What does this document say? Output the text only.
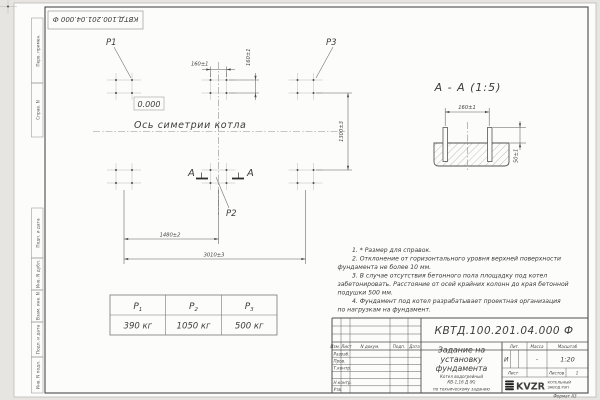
Перв. примен.
Справ. N
Подп. и дата
Инв. N дубл.
Взам. инв. N
Подп. и дата
Инв. N подл.
КВТД.100.201.04.000 Ф
Р1	Р3
Р2
0.000
Ось симетрии котла
А	А
160±1	160±1
1300±3
1480±2
3010±3
А - А (1:5)
160±1
50±1
1. * Размер для справок.
2. Отклонение от горизонтального уровня верхней поверхности
фундамента не более 10 мм.
3. В случае отсутствия бетонного пола площадку под котел
забетонировать. Расстояние от осей крайних колонн до края бетонной
подушки 500 мм.
4. Фундамент под котел разрабатывает проектная организация
по нагрузкам на фундамент.
$Р_1$	$Р_2$	$Р_3$
390 кг	1050 кг	500 кг	КВТД.100.201.04.000 Ф
Изм. Лист N докум.	Подп. Дата
Разраб.
Пров.
Т.контр.
Н.контр.
Утв.
Задание на
установку
фундамента
Котел водогрейный
КВ-1,16 Д (К)
по техническому заданию
Лит.	Масса	Масштаб
И	-	1:20
Лист	Листов	1
KVZR КОТЕЛЬНЫЙ
ЗАВОД РЭП
Формат А3
